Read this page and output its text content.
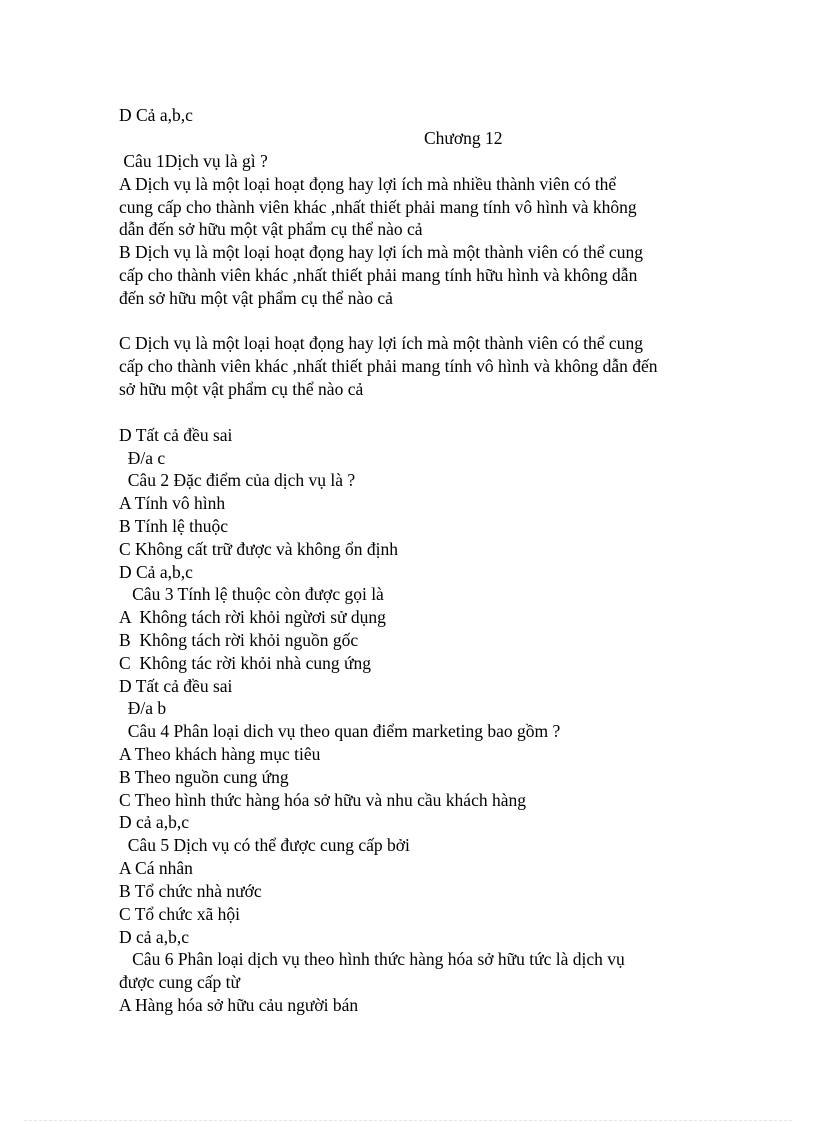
D Cả a,b,c
Chương 12
Câu 1Dịch vụ là gì ?
A Dịch vụ là một loại hoạt đọng hay lợi ích mà nhiều thành viên có thể
cung cấp cho thành viên khác ,nhất thiết phải mang tính vô hình và không
dẫn đến sở hữu một vật phẩm cụ thể nào cả
B Dịch vụ là một loại hoạt đọng hay lợi ích mà một thành viên có thể cung
cấp cho thành viên khác ,nhất thiết phải mang tính hữu hình và không dẫn
đến sở hữu một vật phẩm cụ thể nào cả
C Dịch vụ là một loại hoạt đọng hay lợi ích mà một thành viên có thể cung
cấp cho thành viên khác ,nhất thiết phải mang tính vô hình và không dẫn đến
sở hữu một vật phẩm cụ thể nào cả
D Tất cả đều sai
Đ/a c
Câu 2 Đặc điểm của dịch vụ là ?
A Tính vô hình
B Tính lệ thuộc
C Không cất trữ được và không ổn định
D Cả a,b,c
Câu 3 Tính lệ thuộc còn được gọi là
A  Không tách rời khỏi ngừơi sử dụng
B  Không tách rời khỏi nguồn gốc
C  Không tác rời khỏi nhà cung ứng
D Tất cả đều sai
Đ/a b
Câu 4 Phân loại dich vụ theo quan điểm marketing bao gồm ?
A Theo khách hàng mục tiêu
B Theo nguồn cung ứng
C Theo hình thức hàng hóa sở hữu và nhu cầu khách hàng
D cả a,b,c
Câu 5 Dịch vụ có thể được cung cấp bởi
A Cá nhân
B Tổ chức nhà nước
C Tổ chức xã hội
D cả a,b,c
Câu 6 Phân loại dịch vụ theo hình thức hàng hóa sở hữu tức là dịch vụ
được cung cấp từ
A Hàng hóa sở hữu cảu người bán
